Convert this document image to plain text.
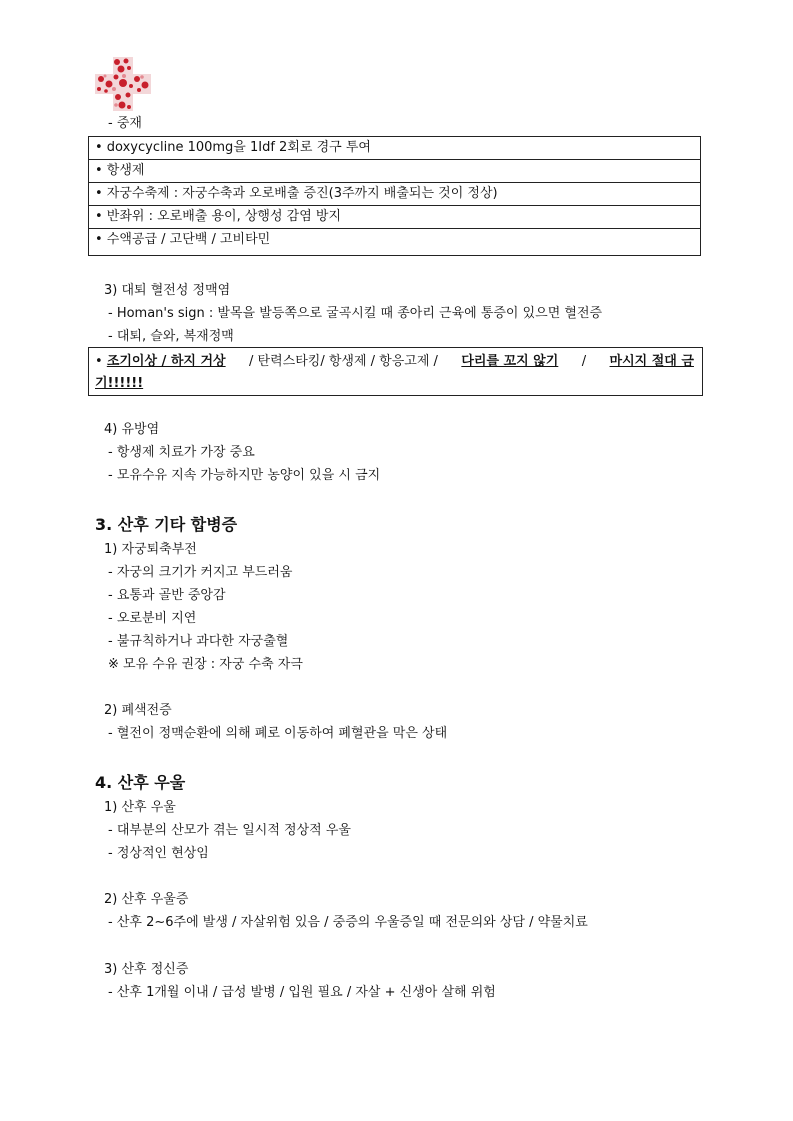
- 중재
• doxycycline 100mg을 1Idf 2회로 경구 투여
• 항생제
• 자궁수축제 : 자궁수축과 오로배출 증진(3주까지 배출되는 것이 정상)
• 반좌위 : 오로배출 용이, 상행성 감염 방지
• 수액공급 / 고단백 / 고비타민
3) 대퇴 혈전성 정맥염
- Homan's sign : 발목을 발등쪽으로 굴곡시킬 때 종아리 근육에 통증이 있으면 혈전증
- 대퇴, 슬와, 복재정맥
• 조기이상 / 하지 거상 / 탄력스타킹/ 항생제 / 항응고제 / 다리를 꼬지 않기 / 마시지 절대 금
기!!!!!!
4) 유방염
- 항생제 치료가 가장 중요
- 모유수유 지속 가능하지만 농양이 있을 시 금지
3. 산후 기타 합병증
1) 자궁퇴축부전
- 자궁의 크기가 커지고 부드러움
- 요통과 골반 중앙감
- 오로분비 지연
- 불규칙하거나 과다한 자궁출혈
※ 모유 수유 권장 : 자궁 수축 자극
2) 폐색전증
- 혈전이 정맥순환에 의해 폐로 이동하여 폐혈관을 막은 상태
4. 산후 우울
1) 산후 우울
- 대부분의 산모가 겪는 일시적 정상적 우울
- 정상적인 현상임
2) 산후 우울증
- 산후 2~6주에 발생 / 자살위험 있음 / 중증의 우울증일 때 전문의와 상담 / 약물치료
3) 산후 정신증
- 산후 1개월 이내 / 급성 발병 / 입원 필요 / 자살 + 신생아 살해 위험
